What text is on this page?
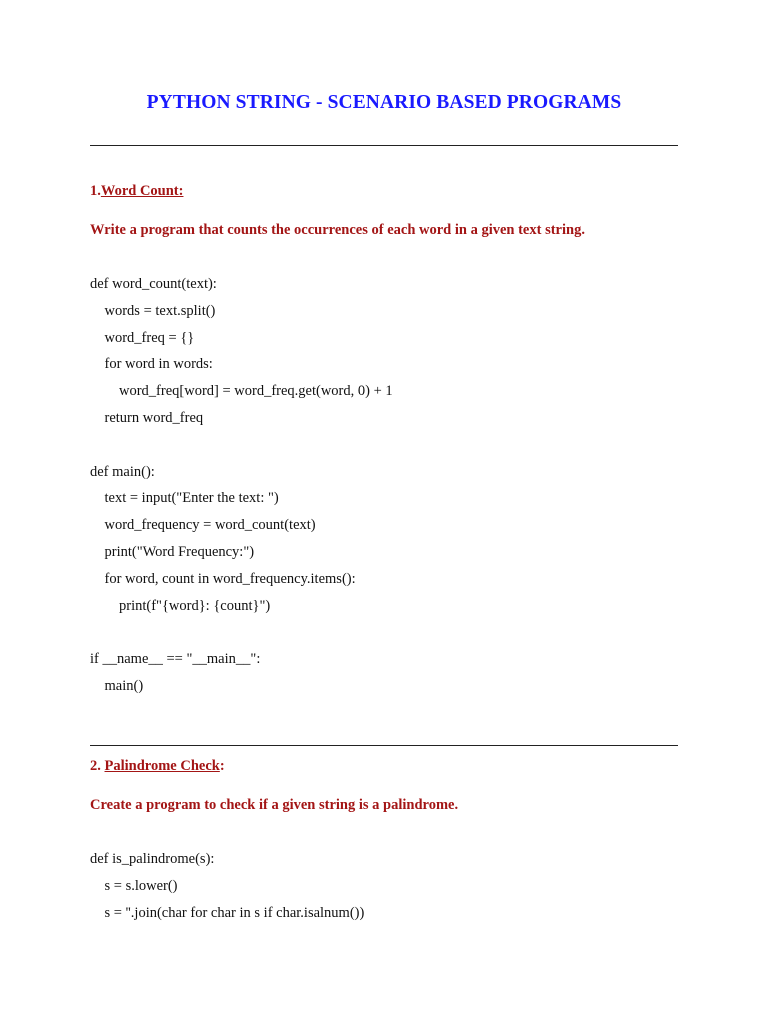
PYTHON STRING - SCENARIO BASED PROGRAMS
1.Word Count:
Write a program that counts the occurrences of each word in a given text string.
def word_count(text):
words = text.split()
word_freq = {}
for word in words:
word_freq[word] = word_freq.get(word, 0) + 1
return word_freq
def main():
text = input("Enter the text: ")
word_frequency = word_count(text)
print("Word Frequency:")
for word, count in word_frequency.items():
print(f"{word}: {count}")
if __name__ == "__main__":
main()
2. Palindrome Check:
Create a program to check if a given string is a palindrome.
def is_palindrome(s):
s = s.lower()
s = ''.join(char for char in s if char.isalnum())
